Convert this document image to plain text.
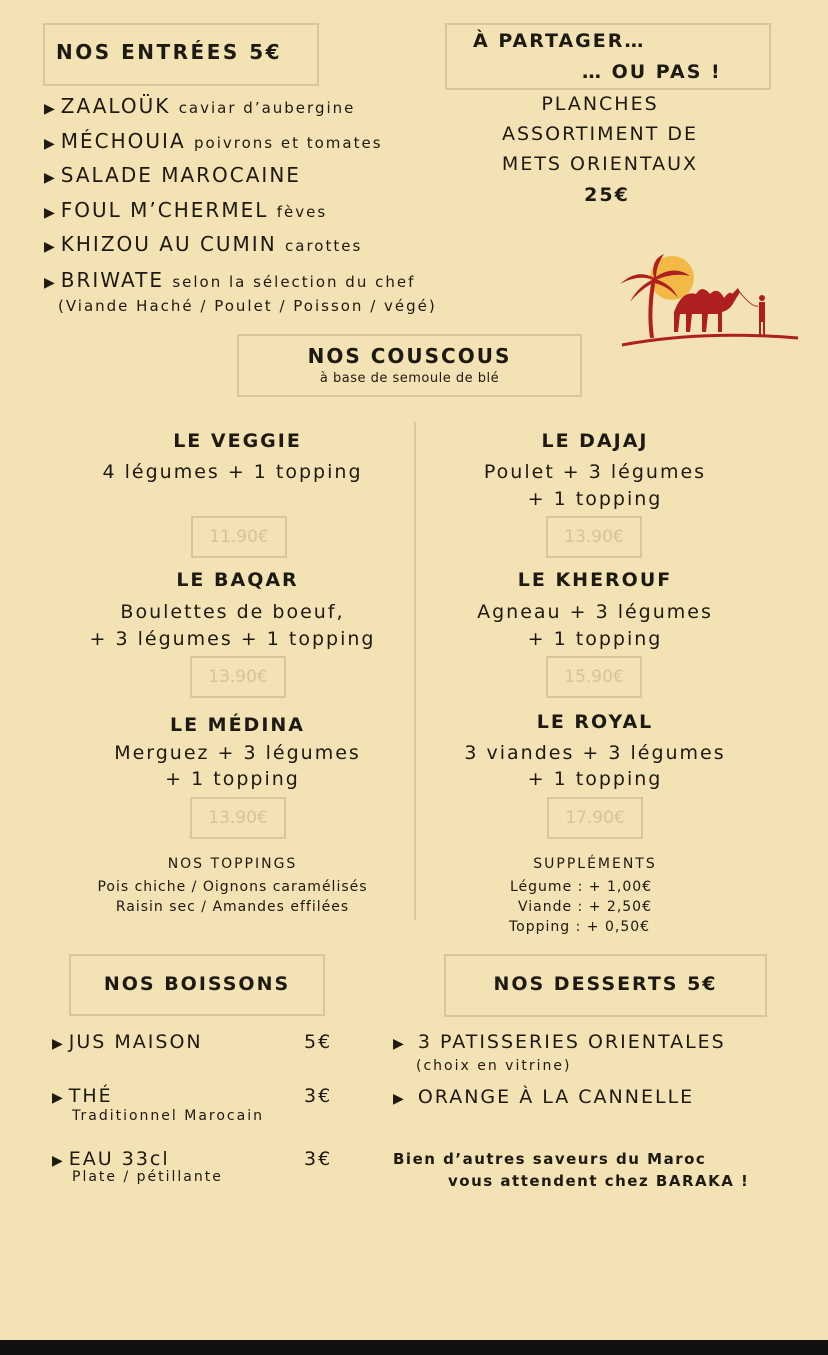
NOS ENTRÉES 5€
▶ ZAALOÜK caviar d’aubergine
▶ MÉCHOUIA poivrons et tomates
▶ SALADE MAROCAINE
▶ FOUL M’CHERMEL fèves
▶ KHIZOU AU CUMIN carottes
▶ BRIWATE selon la sélection du chef
(Viande Haché / Poulet / Poisson / végé)
À PARTAGER…
… OU PAS !
PLANCHES
ASSORTIMENT DE
METS ORIENTAUX
25€
NOS COUSCOUS
à base de semoule de blé
LE VEGGIE
4 légumes + 1 topping
11.90€
LE BAQAR
Boulettes de boeuf,
+ 3 légumes + 1 topping
13.90€
LE MÉDINA
Merguez + 3 légumes
+ 1 topping
13.90€
NOS TOPPINGS
Pois chiche / Oignons caramélisés
Raisin sec / Amandes effilées
LE DAJAJ
Poulet + 3 légumes
+ 1 topping
13.90€
LE KHEROUF
Agneau + 3 légumes
+ 1 topping
15.90€
LE ROYAL
3 viandes + 3 légumes
+ 1 topping
17.90€
SUPPLÉMENTS
Légume : + 1,00€
Viande : + 2,50€
Topping : + 0,50€
NOS BOISSONS
▶ JUS MAISON	5€
▶ THÉ	3€
Traditionnel Marocain
▶ EAU 33cl	3€
Plate / pétillante
NOS DESSERTS 5€
▶ 3 PATISSERIES ORIENTALES
(choix en vitrine)
▶ ORANGE À LA CANNELLE
Bien d’autres saveurs du Maroc
vous attendent chez BARAKA !
